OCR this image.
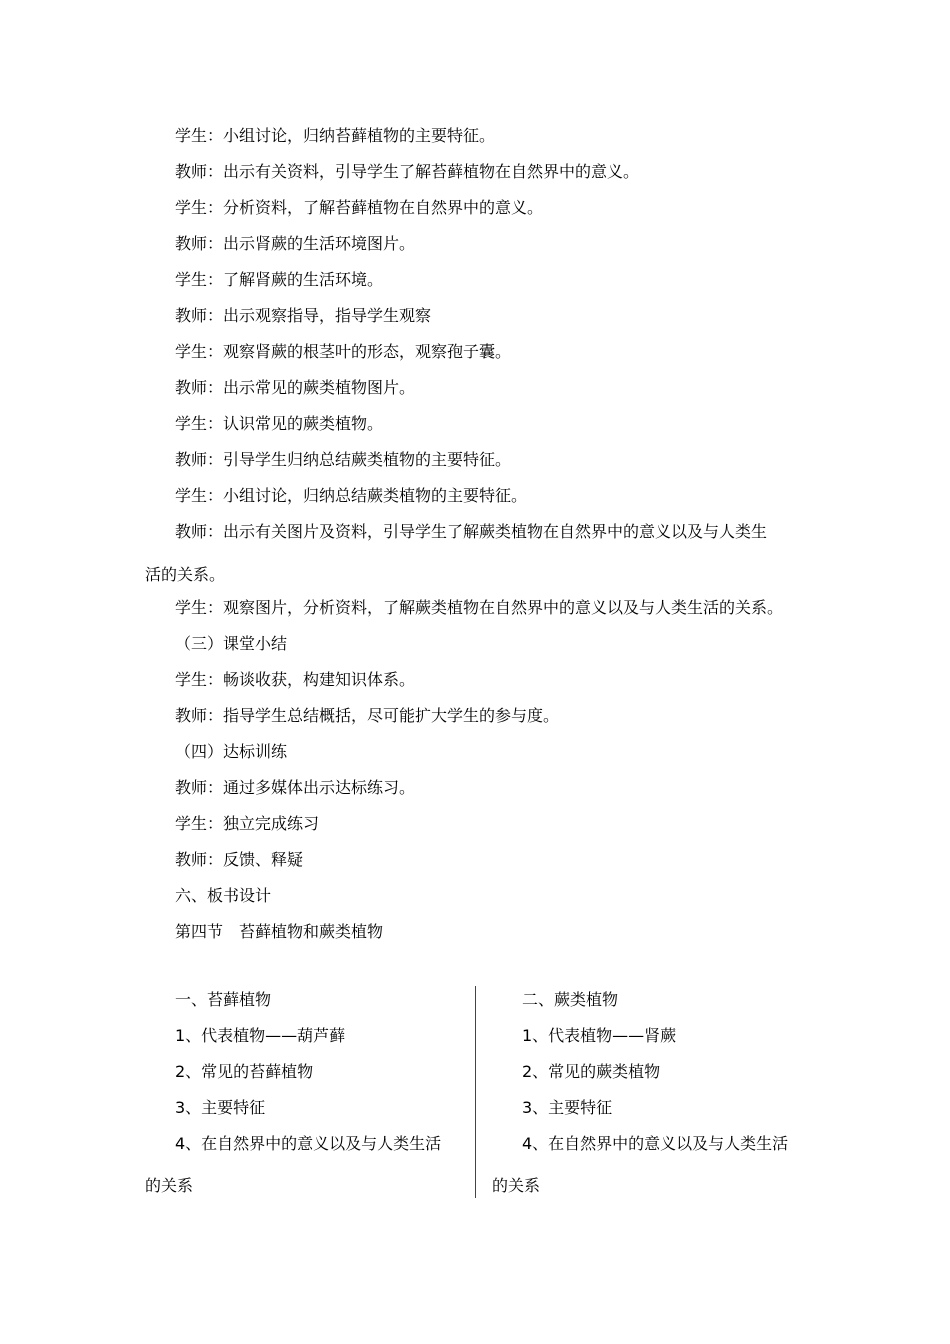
学生：小组讨论，归纳苔藓植物的主要特征。
教师：出示有关资料，引导学生了解苔藓植物在自然界中的意义。
学生：分析资料，了解苔藓植物在自然界中的意义。
教师：出示肾蕨的生活环境图片。
学生：了解肾蕨的生活环境。
教师：出示观察指导，指导学生观察
学生：观察肾蕨的根茎叶的形态，观察孢子囊。
教师：出示常见的蕨类植物图片。
学生：认识常见的蕨类植物。
教师：引导学生归纳总结蕨类植物的主要特征。
学生：小组讨论，归纳总结蕨类植物的主要特征。
教师：出示有关图片及资料，引导学生了解蕨类植物在自然界中的意义以及与人类生
活的关系。
学生：观察图片，分析资料，了解蕨类植物在自然界中的意义以及与人类生活的关系。
（三）课堂小结
学生：畅谈收获，构建知识体系。
教师：指导学生总结概括，尽可能扩大学生的参与度。
（四）达标训练
教师：通过多媒体出示达标练习。
学生：独立完成练习
教师：反馈、释疑
六、板书设计
第四节　苔藓植物和蕨类植物
一、苔藓植物
1、代表植物——葫芦藓
2、常见的苔藓植物
3、主要特征
4、在自然界中的意义以及与人类生活
的关系
二、蕨类植物
1、代表植物——肾蕨
2、常见的蕨类植物
3、主要特征
4、在自然界中的意义以及与人类生活
的关系
